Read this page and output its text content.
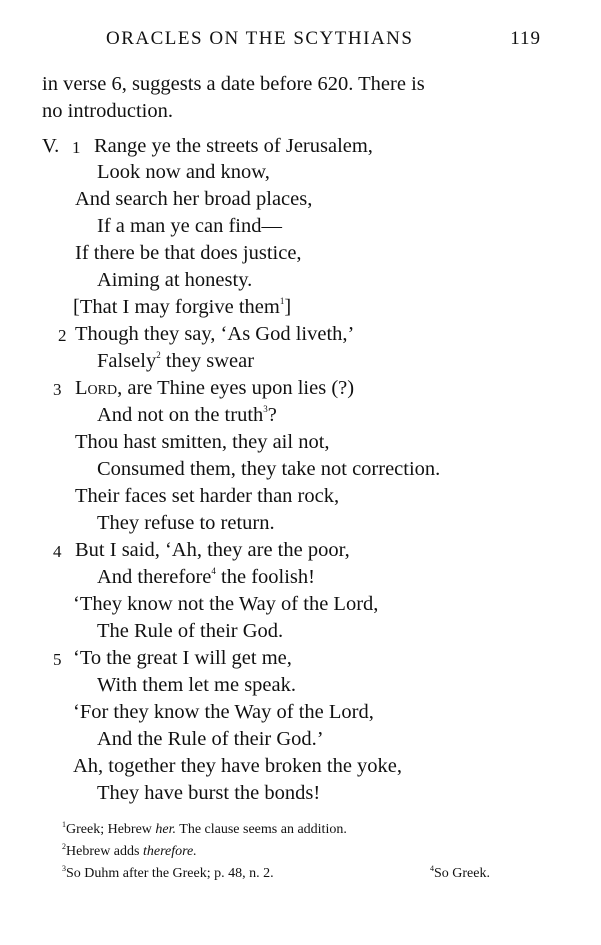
ORACLES ON THE SCYTHIANS	119
in verse 6, suggests a date before 620. There is
no introduction.
V. 1 Range ye the streets of Jerusalem,
Look now and know,
And search her broad places,
If a man ye can find—
If there be that does justice,
Aiming at honesty.
[That I may forgive them$^1$]
2 Though they say, ‘As God liveth,’
Falsely$^2$ they swear
3 Lord, are Thine eyes upon lies (?)
And not on the truth$^3$?
Thou hast smitten, they ail not,
Consumed them, they take not correction.
Their faces set harder than rock,
They refuse to return.
4 But I said, ‘Ah, they are the poor,
And therefore$^4$ the foolish!
‘They know not the Way of the Lord,
The Rule of their God.
5 ‘To the great I will get me,
With them let me speak.
‘For they know the Way of the Lord,
And the Rule of their God.’
Ah, together they have broken the yoke,
They have burst the bonds!
$^1$Greek; Hebrew her. The clause seems an addition.
$^2$Hebrew adds therefore.
$^3$So Duhm after the Greek; p. 48, n. 2.	$^4$So Greek.
